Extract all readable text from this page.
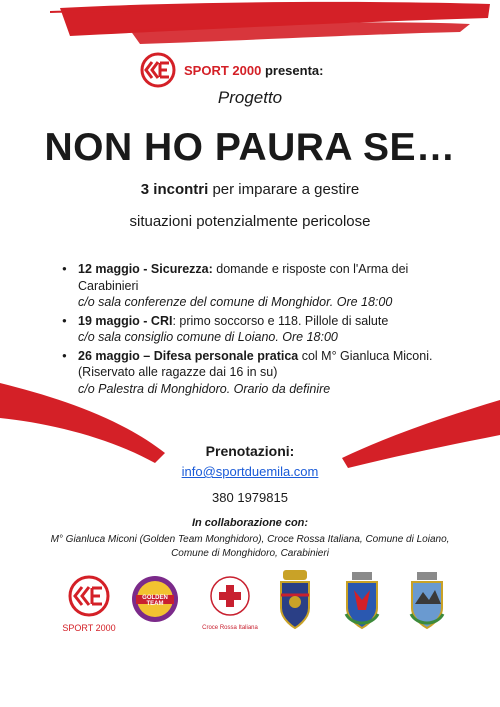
SPORT 2000 presenta:
Progetto
NON HO PAURA SE…
3 incontri per imparare a gestire
situazioni potenzialmente pericolose
● 12 maggio - Sicurezza: domande e risposte con l'Arma dei Carabinieri
c/o sala conferenze del comune di Monghidor. Ore 18:00
● 19 maggio - CRI: primo soccorso e 118. Pillole di salute
c/o sala consiglio comune di Loiano. Ore 18:00
● 26 maggio – Difesa personale pratica col M° Gianluca Miconi.
(Riservato alle ragazze dai 16 in su)
c/o Palestra di Monghidoro. Orario da definire
Prenotazioni:
info@sportduemila.com
380 1979815
In collaborazione con:
M° Gianluca Miconi (Golden Team Monghidoro), Croce Rossa Italiana, Comune di Loiano,
Comune di Monghidoro, Carabinieri
SPORT 2000
GOLDEN TEAM
Croce Rossa Italiana
